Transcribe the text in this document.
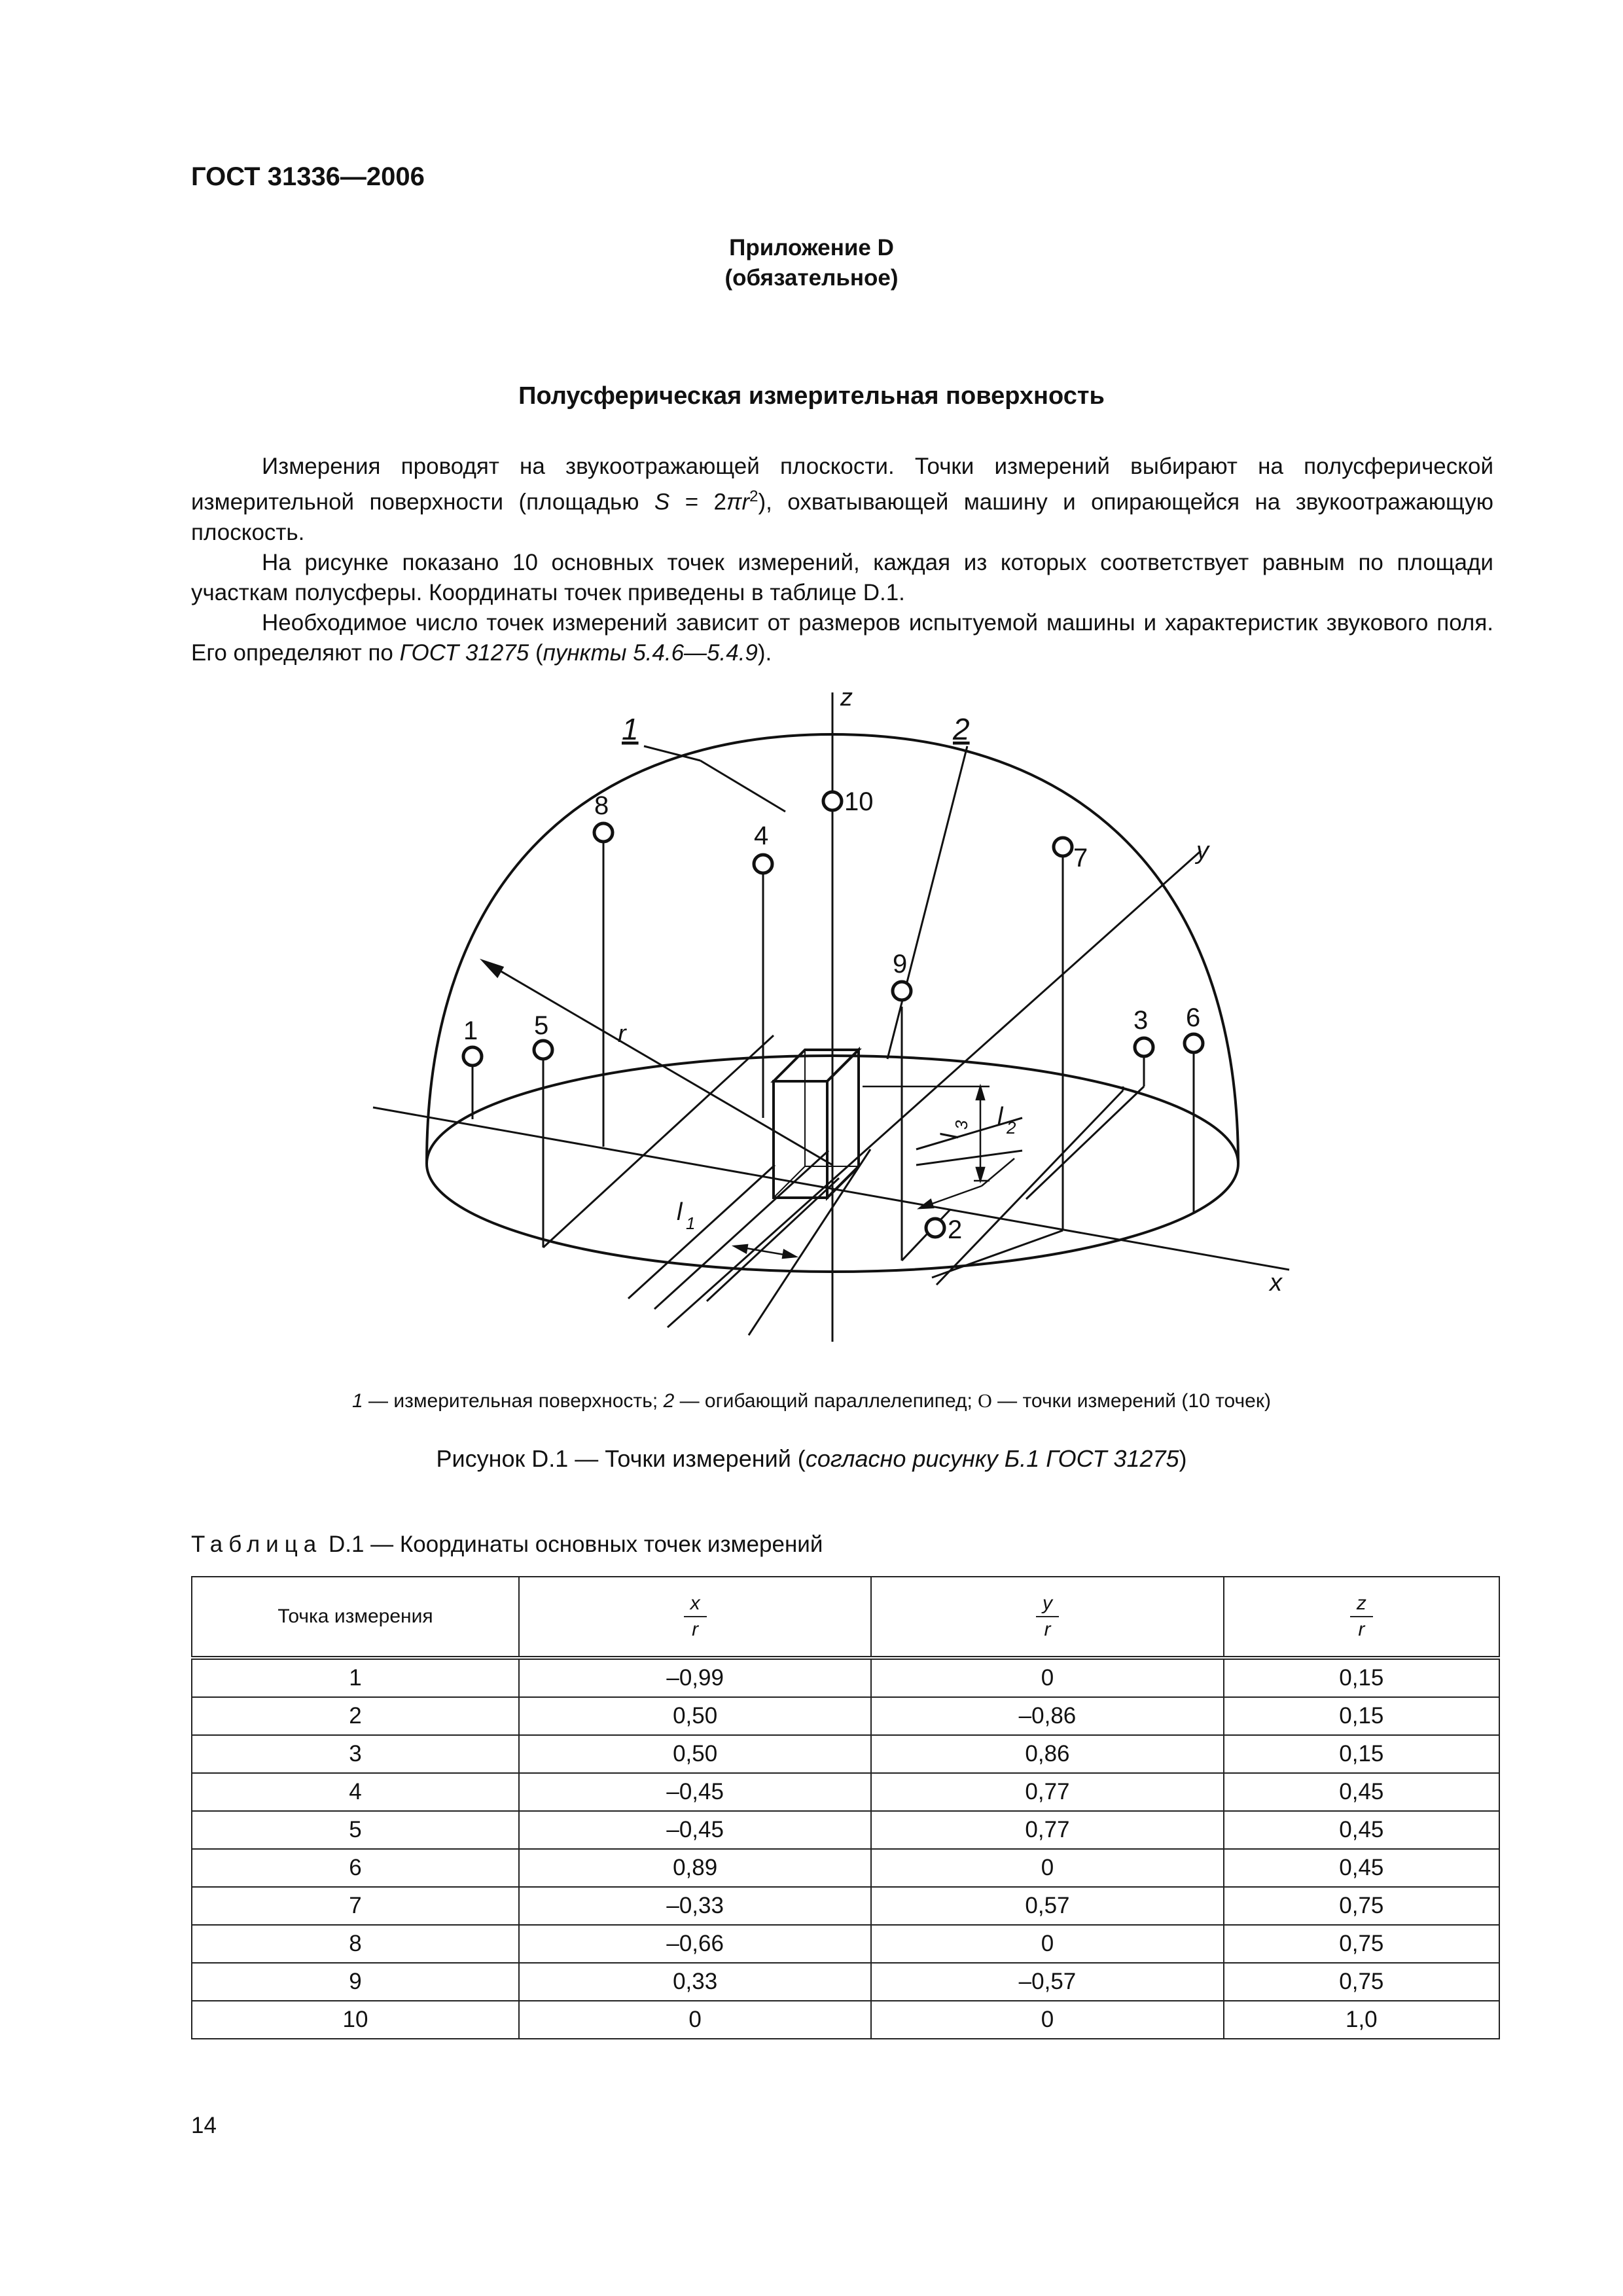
ГОСТ 31336—2006
Приложение D
(обязательное)
Полусферическая измерительная поверхность

Измерения проводят на звукоотражающей плоскости. Точки измерений выбирают на полусферической измерительной поверхности (площадью $S = 2\pi r^2$), охватывающей машину и опирающейся на звукоотражающую плоскость.

На рисунке показано 10 основных точек измерений, каждая из которых соответствует равным по площади участкам полусферы. Координаты точек приведены в таблице D.1.

Необходимое число точек измерений зависит от размеров испытуемой машины и характеристик звукового поля. Его определяют по ГОСТ 31275 (пункты 5.4.6—5.4.9).

1
2
3
4
5	6
7
8
9
10
z
y
x
r
1	2
l 1
l 2
l
3
1 — измерительная поверхность; 2 — огибающий параллелепипед; O — точки измерений (10 точек)
Рисунок D.1 — Точки измерений (согласно рисунку Б.1 ГОСТ 31275)
Таблица D.1 — Координаты основных точек измерений
Точка измерения	$\frac{x}{r}$	$\frac{y}{r}$	$\frac{z}{r}$

1	–0,99	0	0,15
2	0,50	–0,86	0,15
3	0,50	0,86	0,15
4	–0,45	0,77	0,45
5	–0,45	0,77	0,45
6	0,89	0	0,45
7	–0,33	0,57	0,75
8	–0,66	0	0,75
9	0,33	–0,57	0,75
10	0	0	1,0
14
